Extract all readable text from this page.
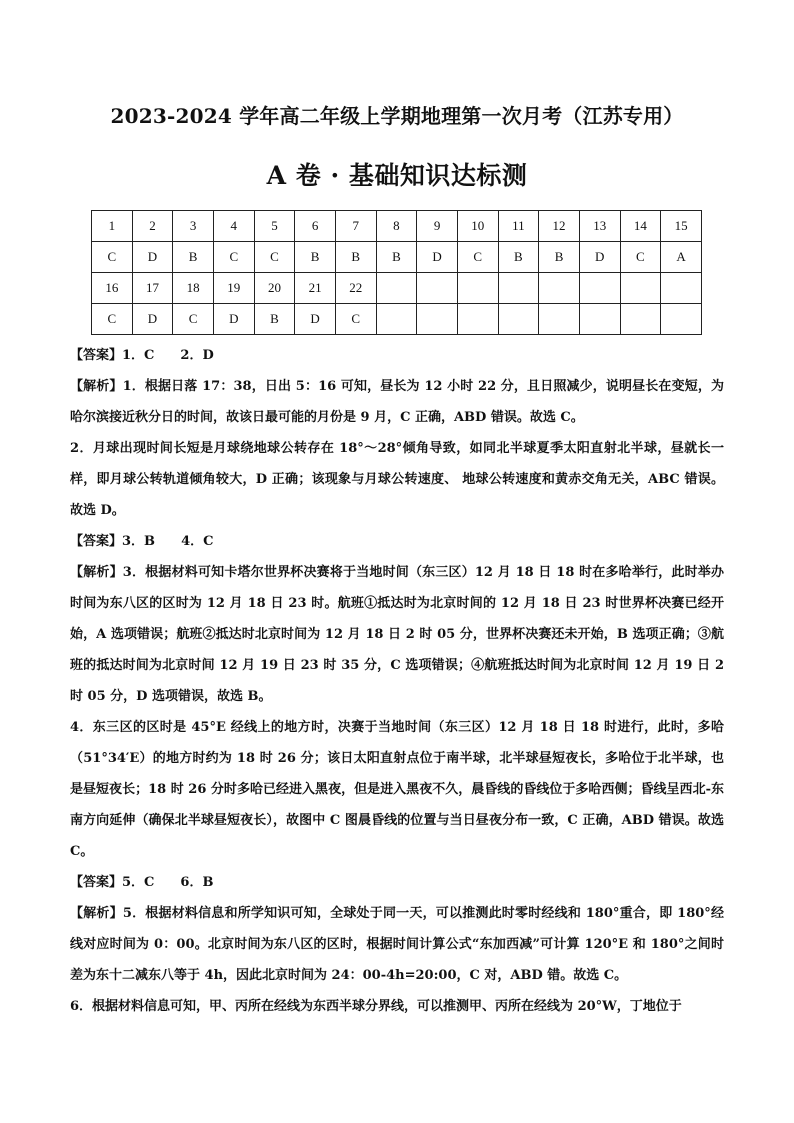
2023-2024 学年高二年级上学期地理第一次月考（江苏专用）
A 卷 · 基础知识达标测
1	2	3	4	5	6	7	8	9	10	11	12	13	14	15
C	D	B	C	C	B	B	B	D	C	B	B	D	C	A
16	17	18	19	20	21	22								
C	D	C	D	B	D	C								

【答案】1．C 2．D

【解析】1．根据日落 17：38，日出 5：16 可知，昼长为 12 小时 22 分，且日照减少，说明昼长在变短，为哈尔滨接近秋分日的时间，故该日最可能的月份是 9 月，C 正确，ABD 错误。故选 C。

2．月球出现时间长短是月球绕地球公转存在 18°～28°倾角导致，如同北半球夏季太阳直射北半球，昼就长一样，即月球公转轨道倾角较大，D 正确；该现象与月球公转速度、 地球公转速度和黄赤交角无关，ABC 错误。故选 D。

【答案】3．B 4．C

【解析】3．根据材料可知卡塔尔世界杯决赛将于当地时间（东三区）12 月 18 日 18 时在多哈举行，此时举办时间为东八区的区时为 12 月 18 日 23 时。航班①抵达时为北京时间的 12 月 18 日 23 时世界杯决赛已经开始，A 选项错误；航班②抵达时北京时间为 12 月 18 日 2 时 05 分，世界杯决赛还未开始，B 选项正确；③航班的抵达时间为北京时间 12 月 19 日 23 时 35 分，C 选项错误；④航班抵达时间为北京时间 12 月 19 日 2 时 05 分，D 选项错误，故选 B。

4．东三区的区时是 45°E 经线上的地方时，决赛于当地时间（东三区）12 月 18 日 18 时进行，此时，多哈（51°34′E）的地方时约为 18 时 26 分；该日太阳直射点位于南半球，北半球昼短夜长，多哈位于北半球，也是昼短夜长；18 时 26 分时多哈已经进入黑夜，但是进入黑夜不久，晨昏线的昏线位于多哈西侧；昏线呈西北-东南方向延伸（确保北半球昼短夜长），故图中 C 图晨昏线的位置与当日昼夜分布一致，C 正确，ABD 错误。故选 C。

【答案】5．C 6．B

【解析】5．根据材料信息和所学知识可知，全球处于同一天，可以推测此时零时经线和 180°重合，即 180°经线对应时间为 0：00。北京时间为东八区的区时，根据时间计算公式“东加西减”可计算 120°E 和 180°之间时差为东十二减东八等于 4h，因此北京时间为 24：00-4h=20:00，C 对，ABD 错。故选 C。

6．根据材料信息可知，甲、丙所在经线为东西半球分界线，可以推测甲、丙所在经线为 20°W，丁地位于
